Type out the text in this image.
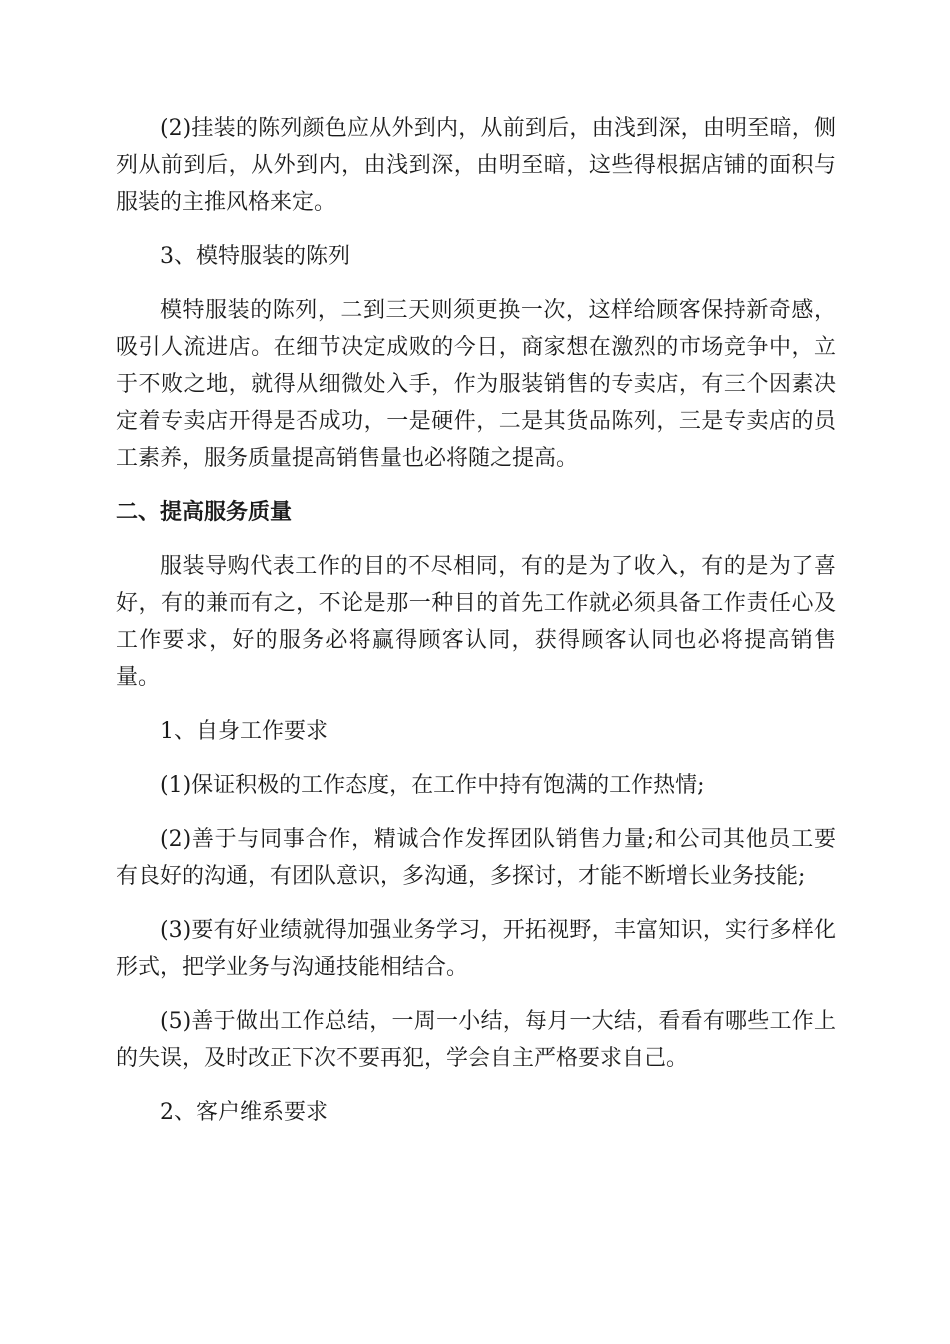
(2)挂装的陈列颜色应从外到内，从前到后，由浅到深，由明至暗，侧列从前到后，从外到内，由浅到深，由明至暗，这些得根据店铺的面积与服装的主推风格来定。

3、模特服装的陈列

模特服装的陈列，二到三天则须更换一次，这样给顾客保持新奇感，吸引人流进店。在细节决定成败的今日，商家想在激烈的市场竞争中，立于不败之地，就得从细微处入手，作为服装销售的专卖店，有三个因素决定着专卖店开得是否成功，一是硬件，二是其货品陈列，三是专卖店的员工素养，服务质量提高销售量也必将随之提高。

二、提高服务质量

服装导购代表工作的目的不尽相同，有的是为了收入，有的是为了喜好，有的兼而有之，不论是那一种目的首先工作就必须具备工作责任心及工作要求，好的服务必将赢得顾客认同，获得顾客认同也必将提高销售量。

1、自身工作要求

(1)保证积极的工作态度，在工作中持有饱满的工作热情;

(2)善于与同事合作，精诚合作发挥团队销售力量;和公司其他员工要有良好的沟通，有团队意识，多沟通，多探讨，才能不断增长业务技能;

(3)要有好业绩就得加强业务学习，开拓视野，丰富知识，实行多样化形式，把学业务与沟通技能相结合。

(5)善于做出工作总结，一周一小结，每月一大结，看看有哪些工作上的失误，及时改正下次不要再犯，学会自主严格要求自己。

2、客户维系要求
